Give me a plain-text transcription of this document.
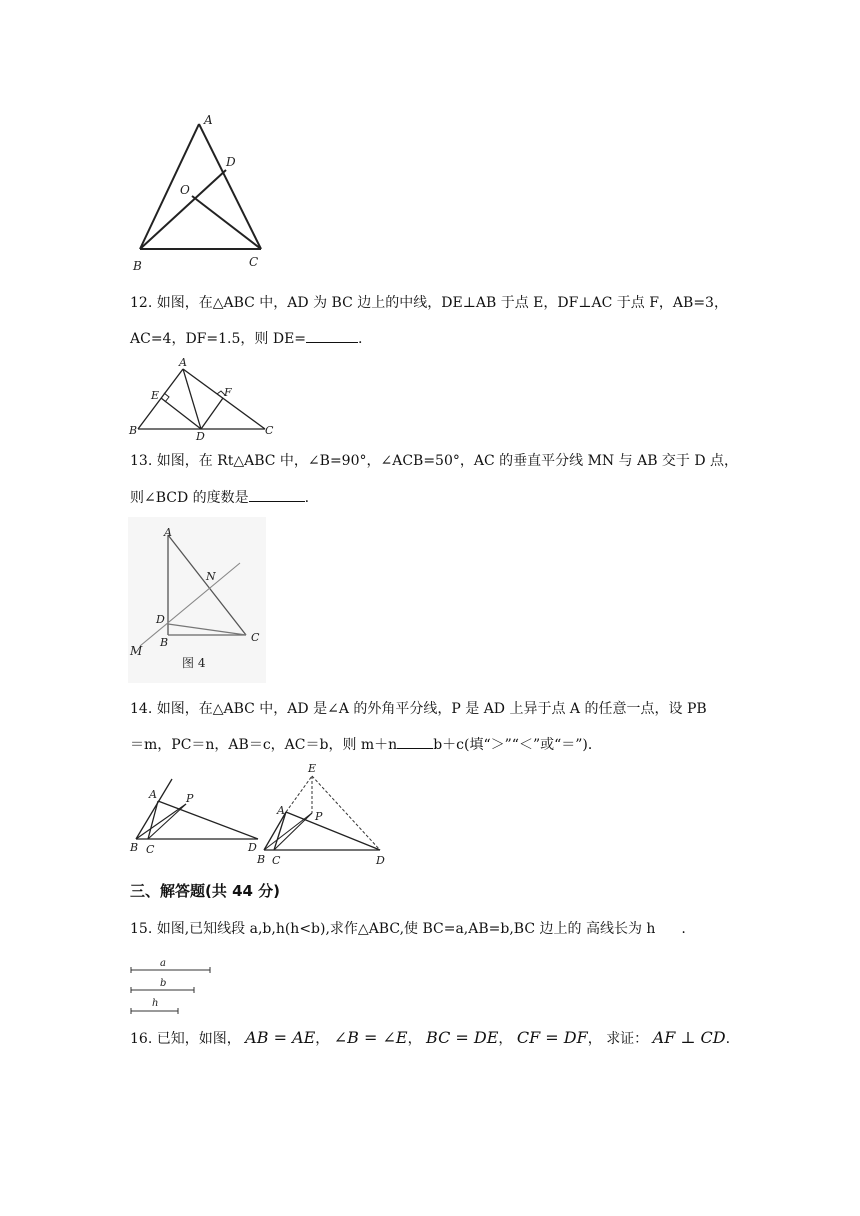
A
D
O
B	C
12. 如图，在△ABC 中，AD 为 BC 边上的中线，DE⊥AB 于点 E，DF⊥AC 于点 F，AB=3，
AC=4，DF=1.5，则 DE=	.
A
E	F
B	D	C
13. 如图，在 Rt△ABC 中，∠B=90°，∠ACB=50°，AC 的垂直平分线 MN 与 AB 交于 D 点，
则∠BCD 的度数是	.
A
N
D
B	C
M
图 4
14. 如图，在△ABC 中，AD 是∠A 的外角平分线，P 是 AD 上异于点 A 的任意一点，设 PB
＝m，PC＝n，AB＝c，AC＝b，则 m＋n	b＋c(填“＞”“＜”或“＝”)．
A	P
B C	D
E
A	P
B C	D
三、解答题(共 44 分)
15. 如图,已知线段 a,b,h(h<b),求作△ABC,使 BC=a,AB=b,BC 边上的 高线长为 h .
a
b
h
16. 已知，如图， AB = AE， ∠B = ∠E， BC = DE， CF = DF， 求证： AF ⊥ CD.
